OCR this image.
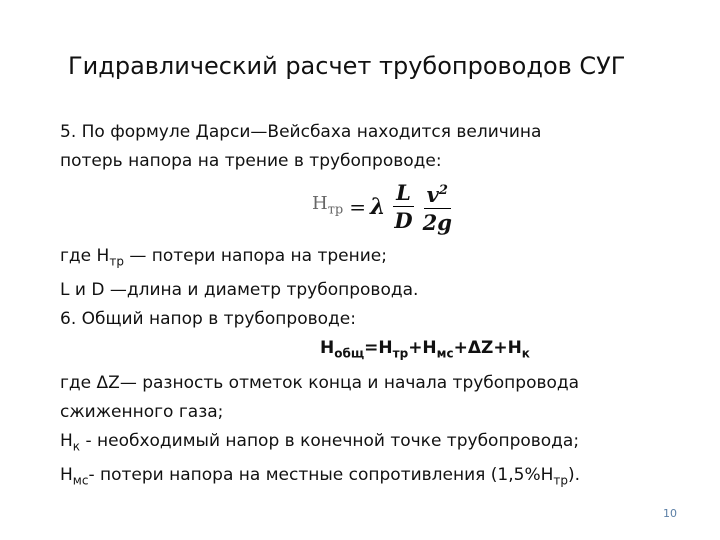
Гидравлический расчет трубопроводов СУГ

5. По формуле Дарси—Вейсбаха находится величина

потерь напора на трение в трубопроводе:

$Н_{тр} = \lambda \frac{L}{D} \frac{v^2}{2g}$

где $Н_{тр}$ — потери напора на трение;

L и D —длина и диаметр трубопровода.

6. Общий напор в трубопроводе:

$Н_{общ}=Н_{тр}+Н_{мс}+\Delta Z+Н_к$

где ΔZ— разность отметок конца и начала трубопровода

сжиженного газа;

$Н_к$ - необходимый напор в конечной точке трубопровода;

$Н_{мс}-$ потери напора на местные сопротивления $(1,5\%Н_{тр})$.

10
